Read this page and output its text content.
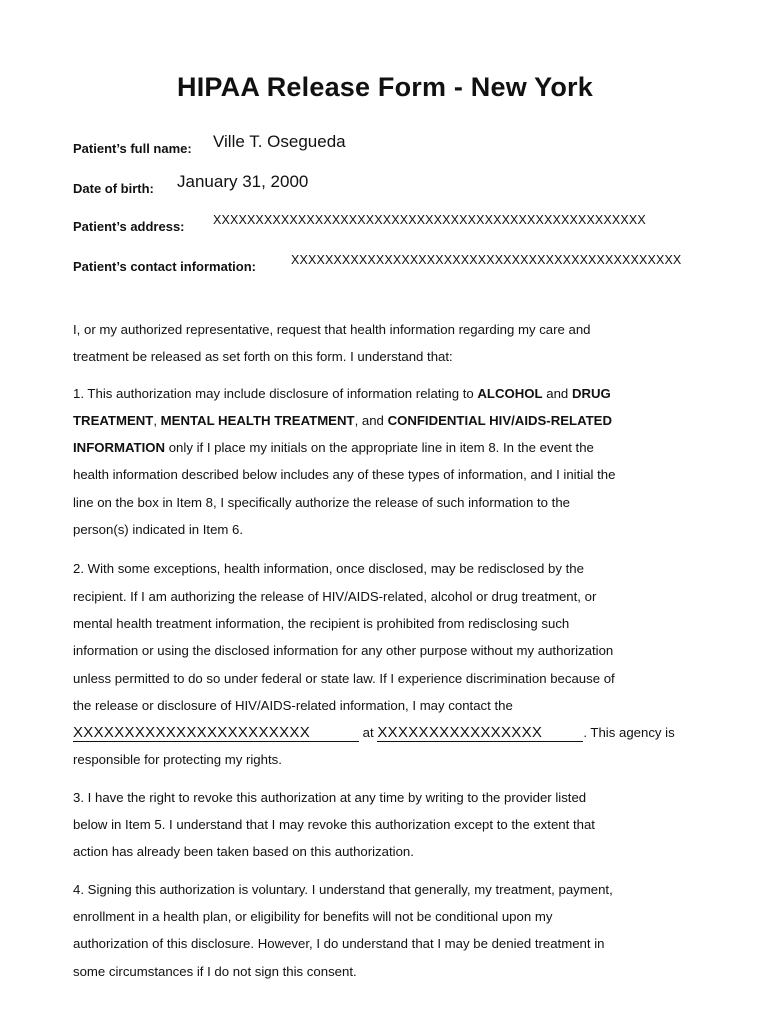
HIPAA Release Form - New York
Patient’s full name: Ville T. Osegueda
Date of birth: January 31, 2000
Patient’s address: XXXXXXXXXXXXXXXXXXXXXXXXXXXXXXXXXXXXXXXXXXXXXXXXXXX
Patient’s contact information:	XXXXXXXXXXXXXXXXXXXXXXXXXXXXXXXXXXXXXXXXXXXXXX
I, or my authorized representative, request that health information regarding my care and
treatment be released as set forth on this form. I understand that:
1. This authorization may include disclosure of information relating to ALCOHOL and DRUG
TREATMENT, MENTAL HEALTH TREATMENT, and CONFIDENTIAL HIV/AIDS-RELATED
INFORMATION only if I place my initials on the appropriate line in item 8. In the event the
health information described below includes any of these types of information, and I initial the
line on the box in Item 8, I specifically authorize the release of such information to the
person(s) indicated in Item 6.
2. With some exceptions, health information, once disclosed, may be redisclosed by the
recipient. If I am authorizing the release of HIV/AIDS-related, alcohol or drug treatment, or
mental health treatment information, the recipient is prohibited from redisclosing such
information or using the disclosed information for any other purpose without my authorization
unless permitted to do so under federal or state law. If I experience discrimination because of
the release or disclosure of HIV/AIDS-related information, I may contact the
XXXXXXXXXXXXXXXXXXXXXXX	at XXXXXXXXXXXXXXXX	. This agency is
responsible for protecting my rights.
3. I have the right to revoke this authorization at any time by writing to the provider listed
below in Item 5. I understand that I may revoke this authorization except to the extent that
action has already been taken based on this authorization.
4. Signing this authorization is voluntary. I understand that generally, my treatment, payment,
enrollment in a health plan, or eligibility for benefits will not be conditional upon my
authorization of this disclosure. However, I do understand that I may be denied treatment in
some circumstances if I do not sign this consent.
